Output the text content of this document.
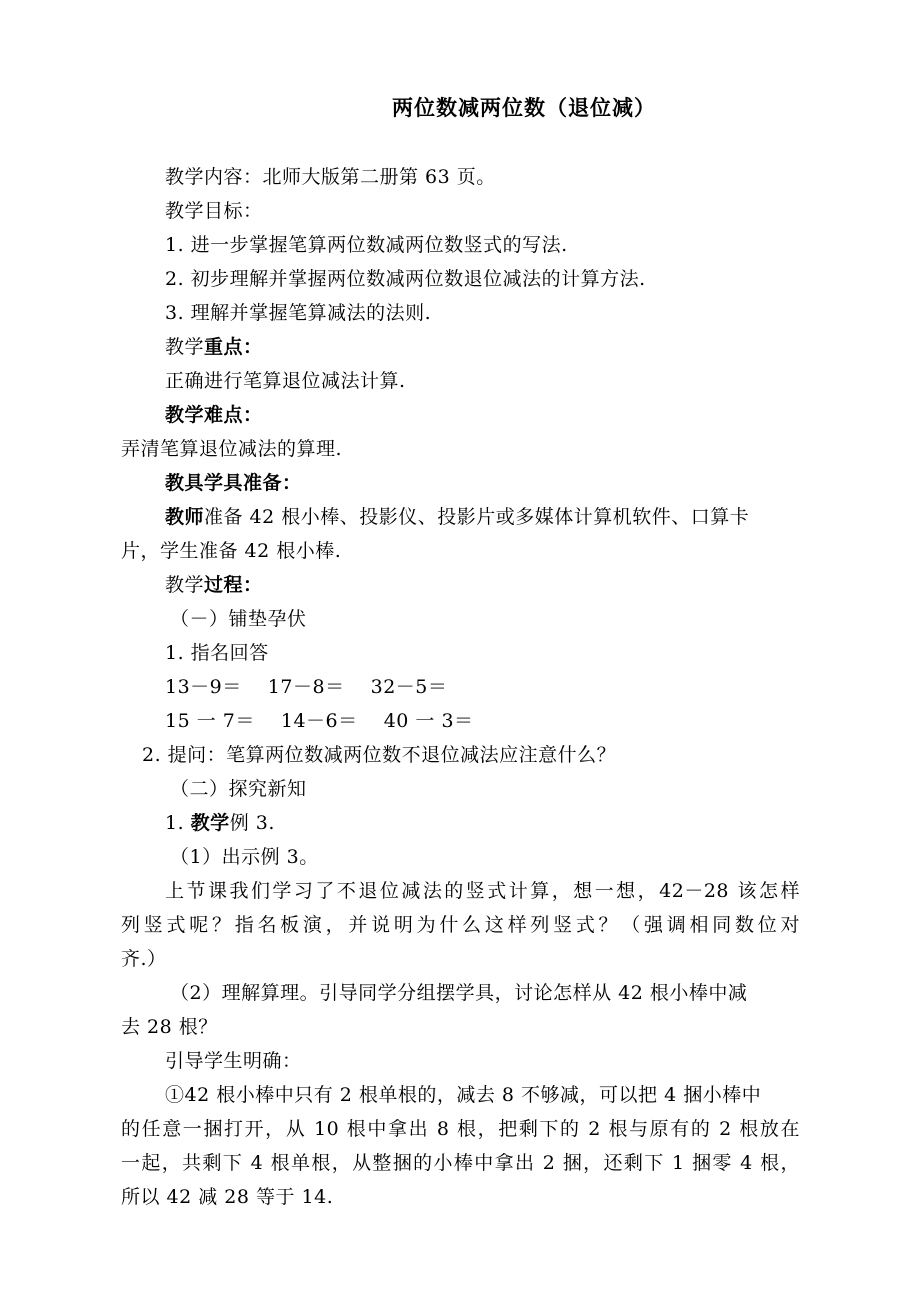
两位数减两位数（退位减）
教学内容：北师大版第二册第 63 页。
教学目标：
1. 进一步掌握笔算两位数减两位数竖式的写法.
2. 初步理解并掌握两位数减两位数退位减法的计算方法.
3. 理解并掌握笔算减法的法则.
教学重点：
正确进行笔算退位减法计算.
教学难点：
弄清笔算退位减法的算理.
教具学具准备：
教师准备 42 根小棒、投影仪、投影片或多媒体计算机软件、口算卡
片，学生准备 42 根小棒.
教学过程：
（－）铺垫孕伏
1. 指名回答
13－9＝　 17－8＝　 32－5＝
15 一 7＝　 14－6＝　 40 一 3＝
2. 提问：笔算两位数减两位数不退位减法应注意什么？
（二）探究新知
1. 教学例 3.
（1）出示例 3。
上节课我们学习了不退位减法的竖式计算，想一想，42－28 该怎样
列竖式呢？指名板演，并说明为什么这样列竖式？（强调相同数位对
齐.）
（2）理解算理。引导同学分组摆学具，讨论怎样从 42 根小棒中减
去 28 根？
引导学生明确：
①42 根小棒中只有 2 根单根的，减去 8 不够减，可以把 4 捆小棒中
的任意一捆打开，从 10 根中拿出 8 根，把剩下的 2 根与原有的 2 根放在
一起，共剩下 4 根单根，从整捆的小棒中拿出 2 捆，还剩下 1 捆零 4 根，
所以 42 减 28 等于 14.
